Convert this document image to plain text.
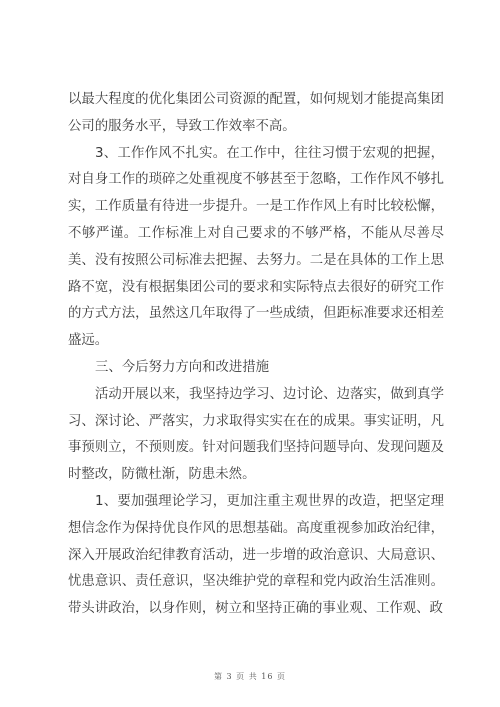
以最大程度的优化集团公司资源的配置，如何规划才能提高集团公司的服务水平，导致工作效率不高。

3、工作作风不扎实。在工作中，往往习惯于宏观的把握，对自身工作的琐碎之处重视度不够甚至于忽略，工作作风不够扎实，工作质量有待进一步提升。一是工作作风上有时比较松懈，不够严谨。工作标准上对自己要求的不够严格，不能从尽善尽美、没有按照公司标准去把握、去努力。二是在具体的工作上思路不宽，没有根据集团公司的要求和实际特点去很好的研究工作的方式方法，虽然这几年取得了一些成绩，但距标准要求还相差盛远。

三、今后努力方向和改进措施

活动开展以来，我坚持边学习、边讨论、边落实，做到真学习、深讨论、严落实，力求取得实实在在的成果。事实证明，凡事预则立，不预则废。针对问题我们坚持问题导向、发现问题及时整改，防微杜渐，防患未然。

1、要加强理论学习，更加注重主观世界的改造，把坚定理想信念作为保持优良作风的思想基础。高度重视参加政治纪律，深入开展政治纪律教育活动，进一步增的政治意识、大局意识、忧患意识、责任意识，坚决维护党的章程和党内政治生活准则。带头讲政治，以身作则，树立和坚持正确的事业观、工作观、政

第 3 页 共 16 页
